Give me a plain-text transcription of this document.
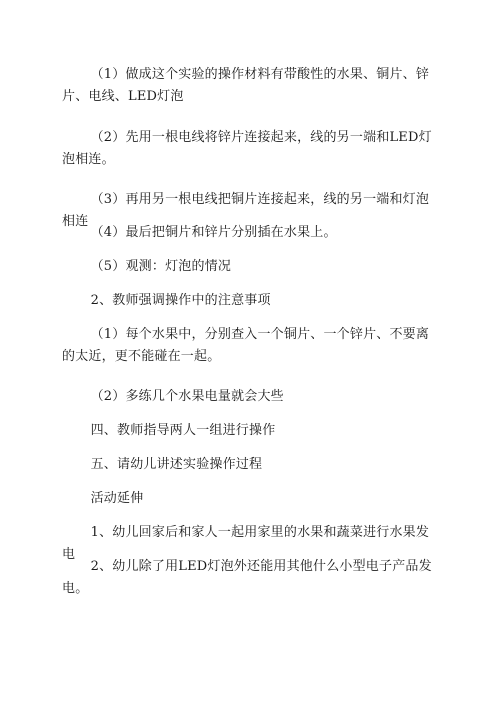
（1）做成这个实验的操作材料有带酸性的水果、铜片、锌片、电线、LED灯泡

（2）先用一根电线将锌片连接起来，线的另一端和LED灯泡相连。

（3）再用另一根电线把铜片连接起来，线的另一端和灯泡相连

（4）最后把铜片和锌片分别插在水果上。

（5）观测：灯泡的情况

2、教师强调操作中的注意事项

（1）每个水果中，分别查入一个铜片、一个锌片、不要离的太近，更不能碰在一起。

（2）多练几个水果电量就会大些

四、教师指导两人一组进行操作

五、请幼儿讲述实验操作过程

活动延伸

1、幼儿回家后和家人一起用家里的水果和蔬菜进行水果发电

2、幼儿除了用LED灯泡外还能用其他什么小型电子产品发电。
